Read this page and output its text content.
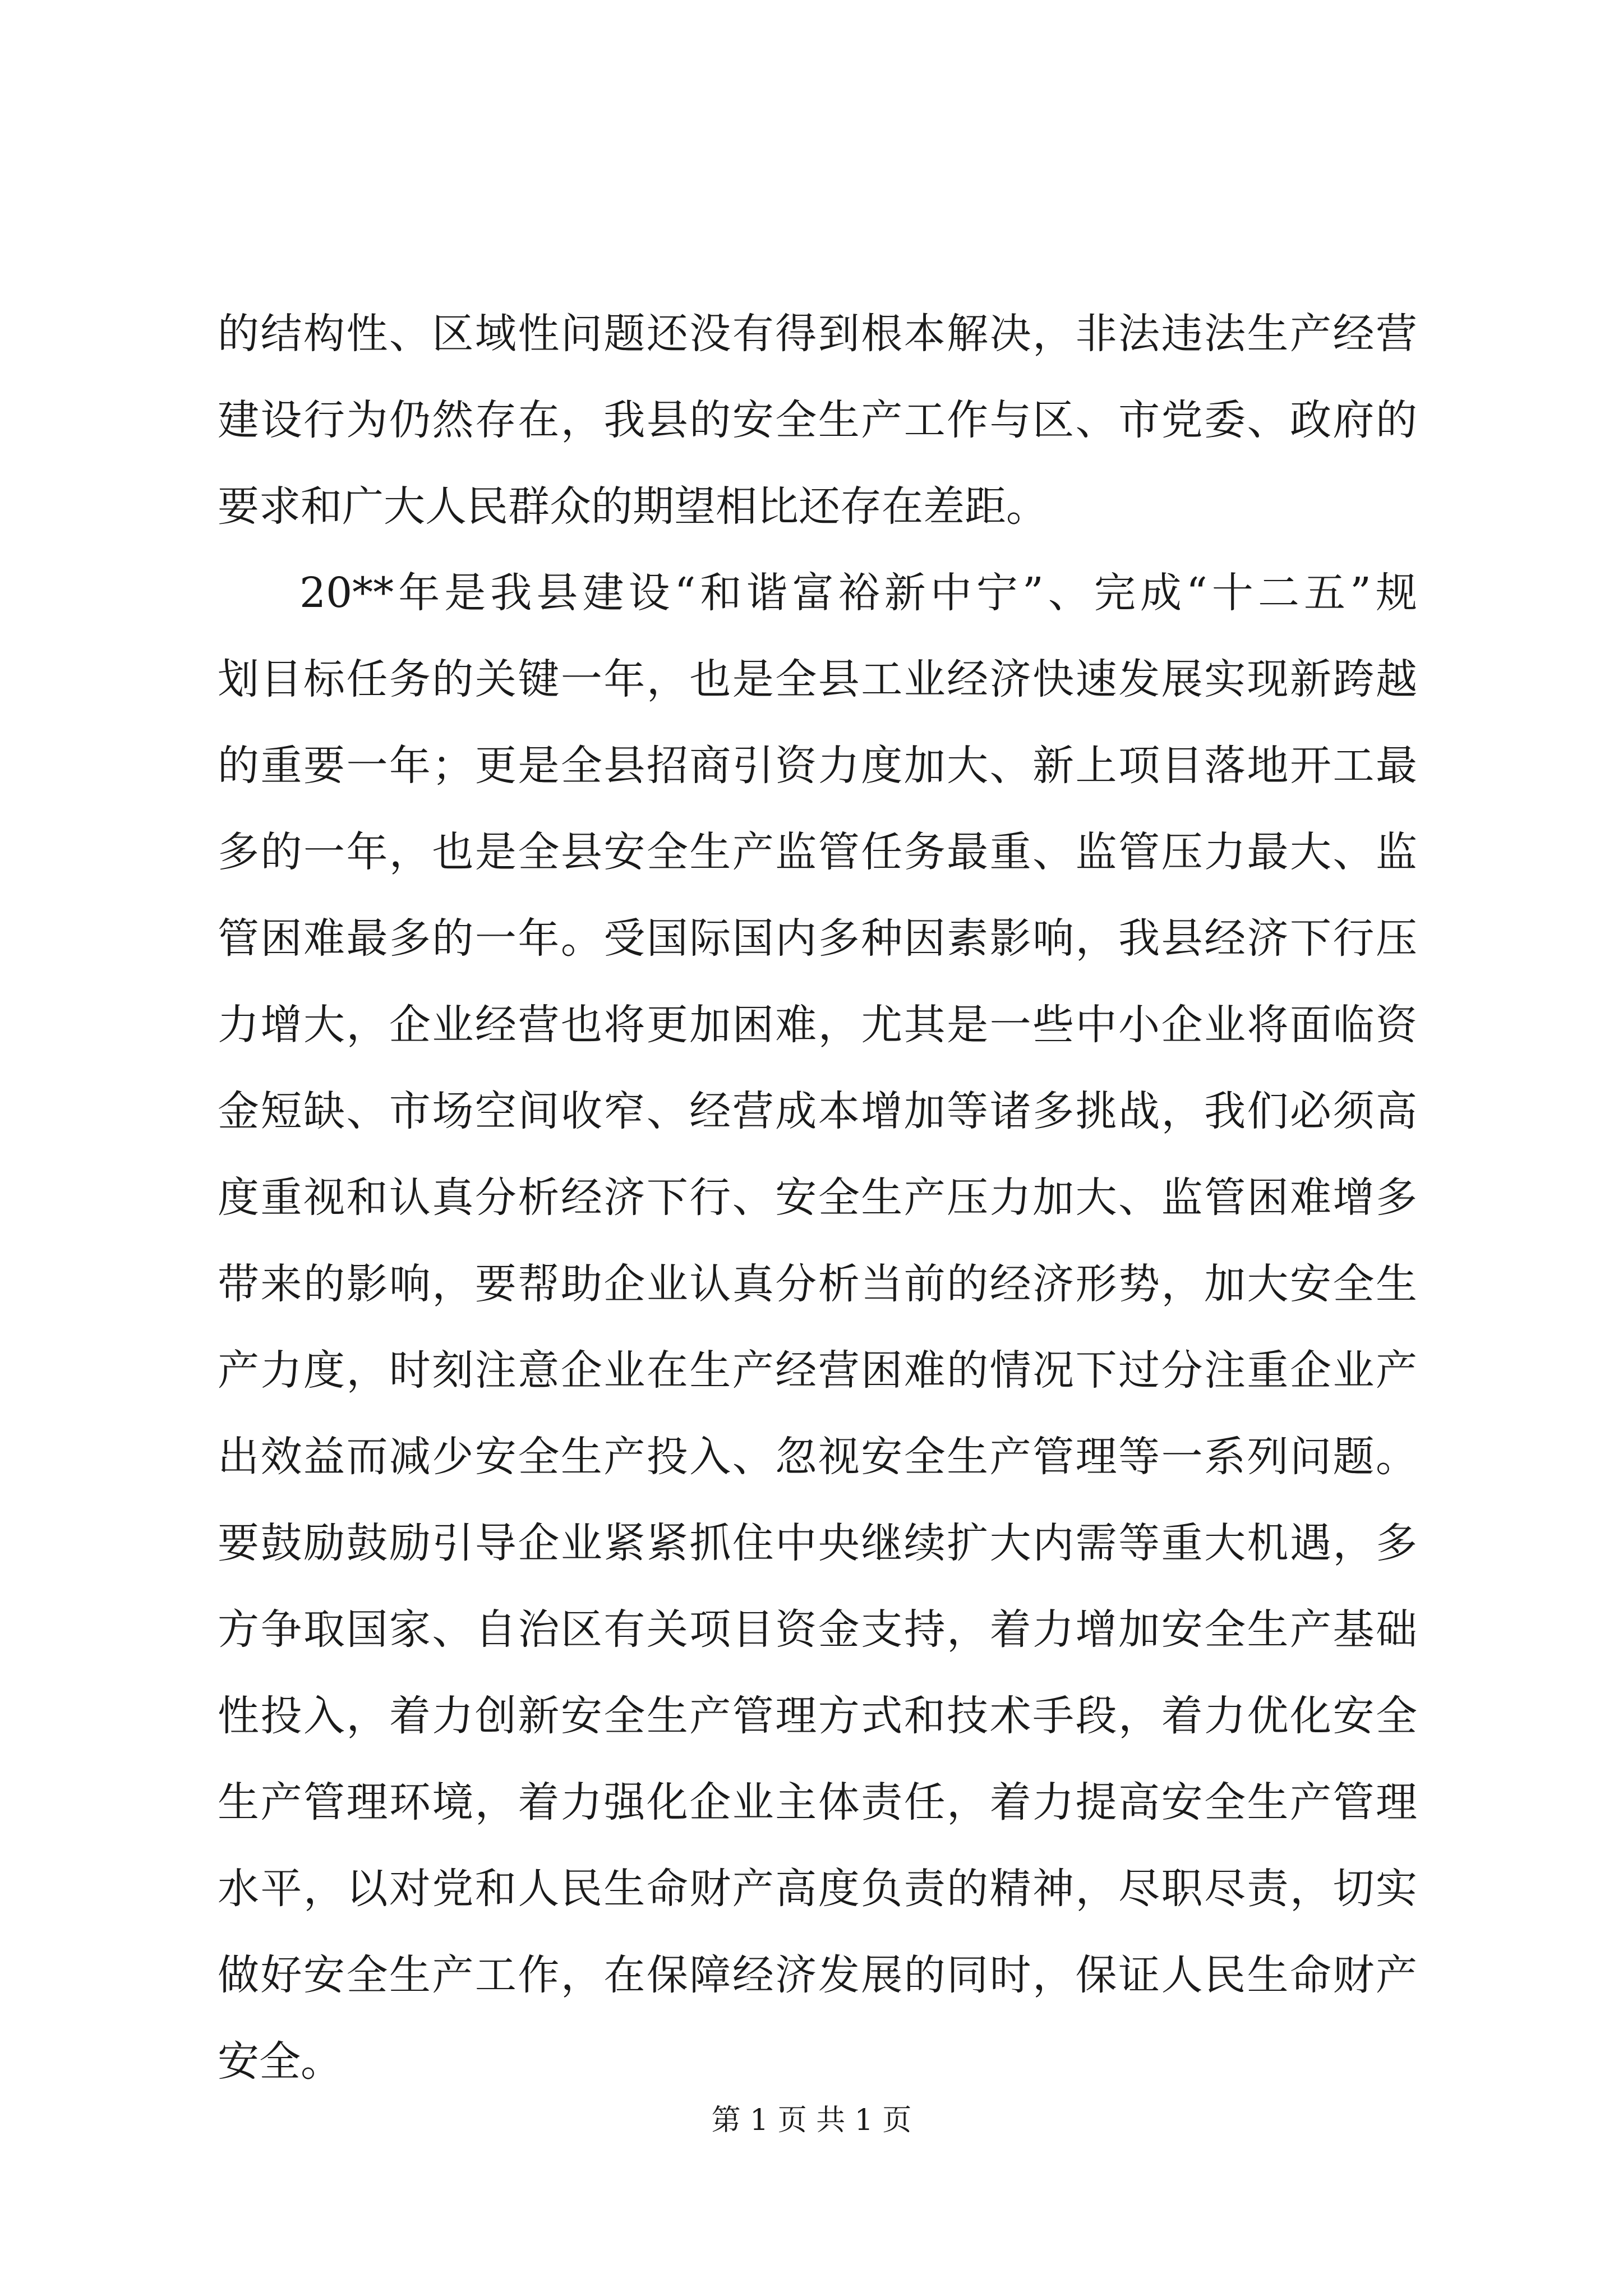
的结构性、区域性问题还没有得到根本解决，非法违法生产经营

建设行为仍然存在，我县的安全生产工作与区、市党委、政府的

要求和广大人民群众的期望相比还存在差距。

20**年是我县建设“和谐富裕新中宁”、完成“十二五”规

划目标任务的关键一年，也是全县工业经济快速发展实现新跨越

的重要一年；更是全县招商引资力度加大、新上项目落地开工最

多的一年，也是全县安全生产监管任务最重、监管压力最大、监

管困难最多的一年。受国际国内多种因素影响，我县经济下行压

力增大，企业经营也将更加困难，尤其是一些中小企业将面临资

金短缺、市场空间收窄、经营成本增加等诸多挑战，我们必须高

度重视和认真分析经济下行、安全生产压力加大、监管困难增多

带来的影响，要帮助企业认真分析当前的经济形势，加大安全生

产力度，时刻注意企业在生产经营困难的情况下过分注重企业产

出效益而减少安全生产投入、忽视安全生产管理等一系列问题。

要鼓励鼓励引导企业紧紧抓住中央继续扩大内需等重大机遇，多

方争取国家、自治区有关项目资金支持，着力增加安全生产基础

性投入，着力创新安全生产管理方式和技术手段，着力优化安全

生产管理环境，着力强化企业主体责任，着力提高安全生产管理

水平，以对党和人民生命财产高度负责的精神，尽职尽责，切实

做好安全生产工作，在保障经济发展的同时，保证人民生命财产

安全。

第 1 页 共 1 页
